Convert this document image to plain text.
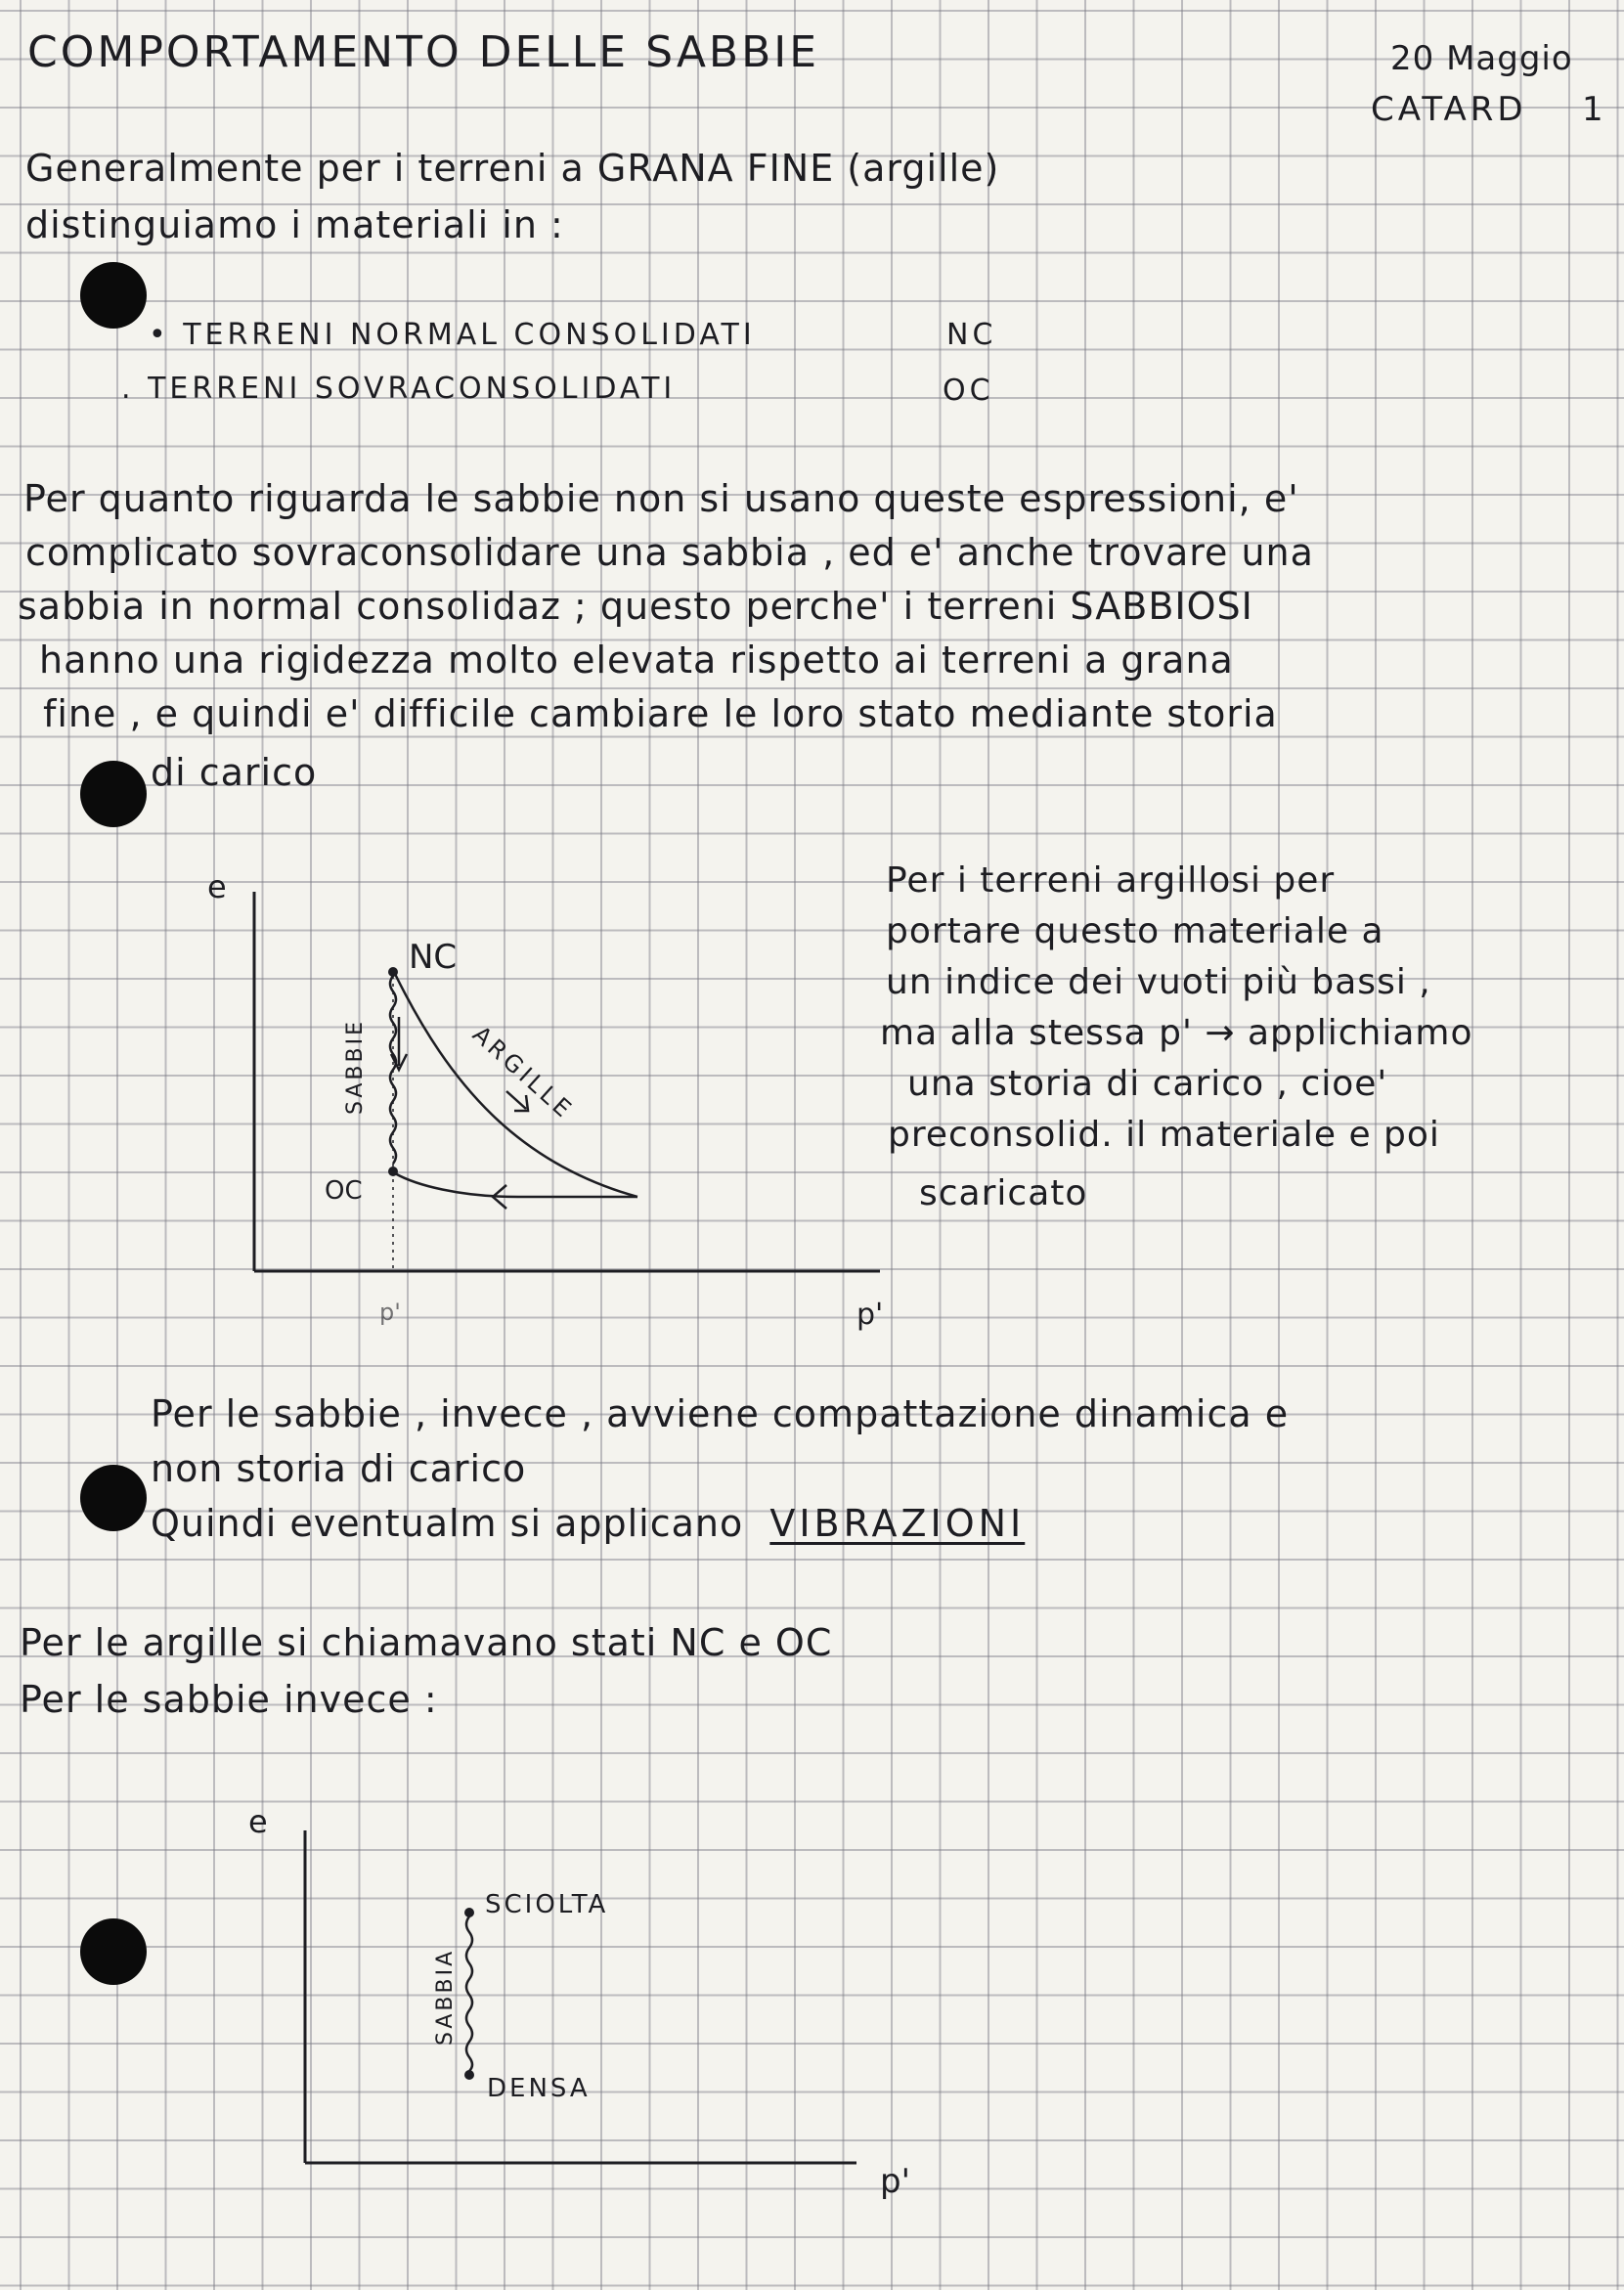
COMPORTAMENTO DELLE SABBIE	20 Maggio
CATARD 1
Generalmente per i terreni a GRANA FINE (argille)
distinguiamo i materiali in :
• TERRENI NORMAL CONSOLIDATI	NC
. TERRENI SOVRACONSOLIDATI	OC
Per quanto riguarda le sabbie non si usano queste espressioni, e'
complicato sovraconsolidare una sabbia , ed e' anche trovare una
sabbia in normal consolidaz ; questo perche' i terreni SABBIOSI
hanno una rigidezza molto elevata rispetto ai terreni a grana
fine , e quindi e' difficile cambiare le loro stato mediante storia
di carico
e
NC
OC
SABBIE	ARGILLE
p'	p'
Per i terreni argillosi per
portare questo materiale a
un indice dei vuoti più bassi ,
ma alla stessa p' → applichiamo
una storia di carico , cioe'
preconsolid. il materiale e poi
scaricato
Per le sabbie , invece , avviene compattazione dinamica e
non storia di carico
Quindi eventualm si applicano VIBRAZIONI
Per le argille si chiamavano stati NC e OC
Per le sabbie invece :
e
SABBIA
SCIOLTA
DENSA
p'
